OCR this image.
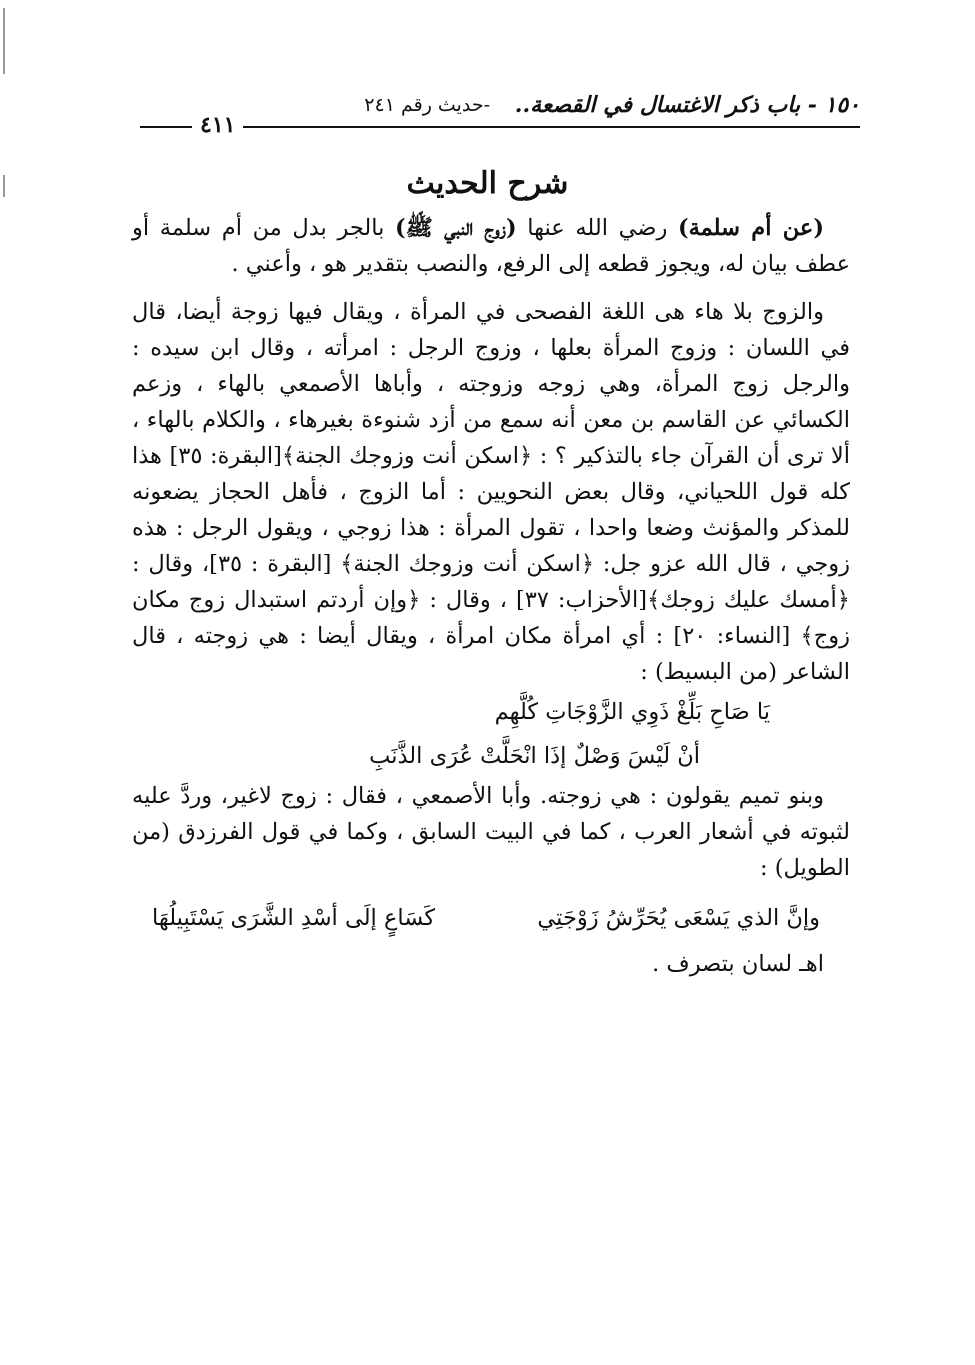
١٥٠ - باب ذكر الاغتسال في القصعة..
-حديث رقم ٢٤١
٤١١
شرح الحديث

(عن أم سلمة) رضي الله عنها (زوج النبي ﷺ) بالجر بدل من أم سلمة أو عطف بيان له، ويجوز قطعه إلى الرفع، والنصب بتقدير هو ، وأعني .

والزوج بلا هاء هى اللغة الفصحى في المرأة ، ويقال فيها زوجة أيضا، قال في اللسان : وزوج المرأة بعلها ، وزوج الرجل : امرأته ، وقال ابن سيده : والرجل زوج المرأة، وهي زوجه وزوجته ، وأباها الأصمعي بالهاء ، وزعم الكسائي عن القاسم بن معن أنه سمع من أزد شنوءة بغيرهاء ، والكلام بالهاء ، ألا ترى أن القرآن جاء بالتذكير ؟ : ﴿اسكن أنت وزوجك الجنة﴾[البقرة: ٣٥] هذا كله قول اللحياني، وقال بعض النحويين : أما الزوج ، فأهل الحجاز يضعونه للمذكر والمؤنث وضعا واحدا ، تقول المرأة : هذا زوجي ، ويقول الرجل : هذه زوجي ، قال الله عزو جل: ﴿اسكن أنت وزوجك الجنة﴾ [البقرة : ٣٥]، وقال : ﴿أمسك عليك زوجك﴾[الأحزاب: ٣٧] ، وقال : ﴿وإن أردتم استبدال زوج مكان زوج﴾ [النساء: ٢٠] : أي امرأة مكان امرأة ، ويقال أيضا : هي زوجته ، قال الشاعر (من البسيط) :

يَا صَاحِ بَلِّغْ ذَوِي الزَّوْجَاتِ كُلَّهِم

أنْ لَيْسَ وَصْلٌ إذَا انْحَلَّتْ عُرَى الذَّنَبِ

وبنو تميم يقولون : هي زوجته. وأبا الأصمعي ، فقال : زوج لاغير، وردَّ عليه لثبوته في أشعار العرب ، كما في البيت السابق ، وكما في قول الفرزدق (من الطويل) :

وإنَّ الذي يَسْعَى يُحَرِّشُ زَوْجَتِي
كَسَاعٍ إلَى أسْدِ الشَّرَى يَسْتَبِيلُهَا

اهـ لسان بتصرف .
